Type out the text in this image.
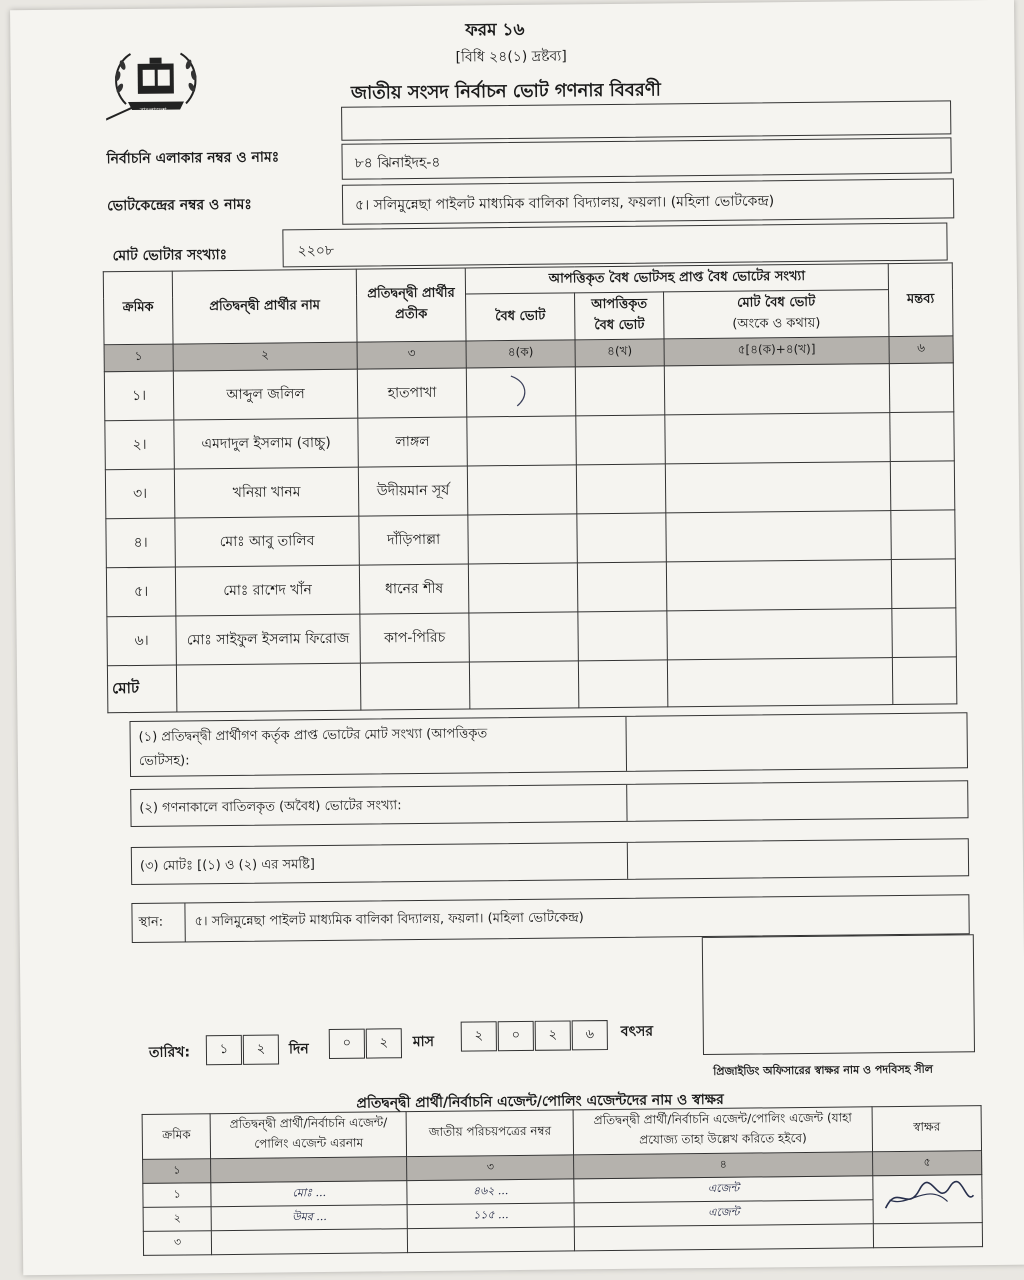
বাংলাদেশ
ফরম ১৬
[বিধি ২৪(১) দ্রষ্টব্য]
জাতীয় সংসদ নির্বাচন ভোট গণনার বিবরণী
নির্বাচনি এলাকার নম্বর ও নামঃ	৮৪ ঝিনাইদহ-৪
ভোটকেন্দ্রের নম্বর ও নামঃ	৫। সলিমুন্নেছা পাইলট মাধ্যমিক বালিকা বিদ্যালয়, ফয়লা। (মহিলা ভোটকেন্দ্র)
মোট ভোটার সংখ্যাঃ	২২০৮
ক্রমিক	প্রতিদ্বন্দ্বী প্রার্থীর নাম	প্রতিদ্বন্দ্বী প্রার্থীর প্রতীক	আপত্তিকৃত বৈধ ভোটসহ প্রাপ্ত বৈধ ভোটের সংখ্যা			মন্তব্য
			বৈধ ভোট	আপত্তিকৃত বৈধ ভোট	মোট বৈধ ভোট
(অংকে ও কথায়)	

১	২	৩	৪(ক)	৪(খ)	৫[৪(ক)+৪(খ)]	৬
১।	আব্দুল জলিল	হাতপাখা				
২।	এমদাদুল ইসলাম (বাচ্চু)	লাঙ্গল				
৩।	খনিয়া খানম	উদীয়মান সূর্য				
৪।	মোঃ আবু তালিব	দাঁড়িপাল্লা				
৫।	মোঃ রাশেদ খাঁন	ধানের শীষ				
৬।	মোঃ সাইফুল ইসলাম ফিরোজ	কাপ-পিরিচ				
মোট						
(১) প্রতিদ্বন্দ্বী প্রার্থীগণ কর্তৃক প্রাপ্ত ভোটের মোট সংখ্যা (আপত্তিকৃত
ভোটসহ):
(২) গণনাকালে বাতিলকৃত (অবৈধ) ভোটের সংখ্যা:
(৩) মোটঃ [(১) ও (২) এর সমষ্টি]
স্থান: ৫। সলিমুন্নেছা পাইলট মাধ্যমিক বালিকা বিদ্যালয়, ফয়লা। (মহিলা ভোটকেন্দ্র)
প্রিজাইডিং অফিসারের স্বাক্ষর নাম ও পদবিসহ সীল
তারিখ:	১	২	দিন	০	২	মাস	২	০	২	৬	বৎসর
প্রতিদ্বন্দ্বী প্রার্থী/নির্বাচনি এজেন্ট/পোলিং এজেন্টদের নাম ও স্বাক্ষর
ক্রমিক	প্রতিদ্বন্দ্বী প্রার্থী/নির্বাচনি এজেন্ট/পোলিং এজেন্ট এরনাম	জাতীয় পরিচয়পত্রের নম্বর	প্রতিদ্বন্দ্বী প্রার্থী/নির্বাচনি এজেন্ট/পোলিং এজেন্ট (যাহা প্রযোজ্য তাহা উল্লেখ করিতে হইবে)	স্বাক্ষর
১		৩	৪	৫
১	মোঃ ...	৪৬২ ...	এজেন্ট	
২	উমর ...	১১৫ ...	এজেন্ট	
৩				
